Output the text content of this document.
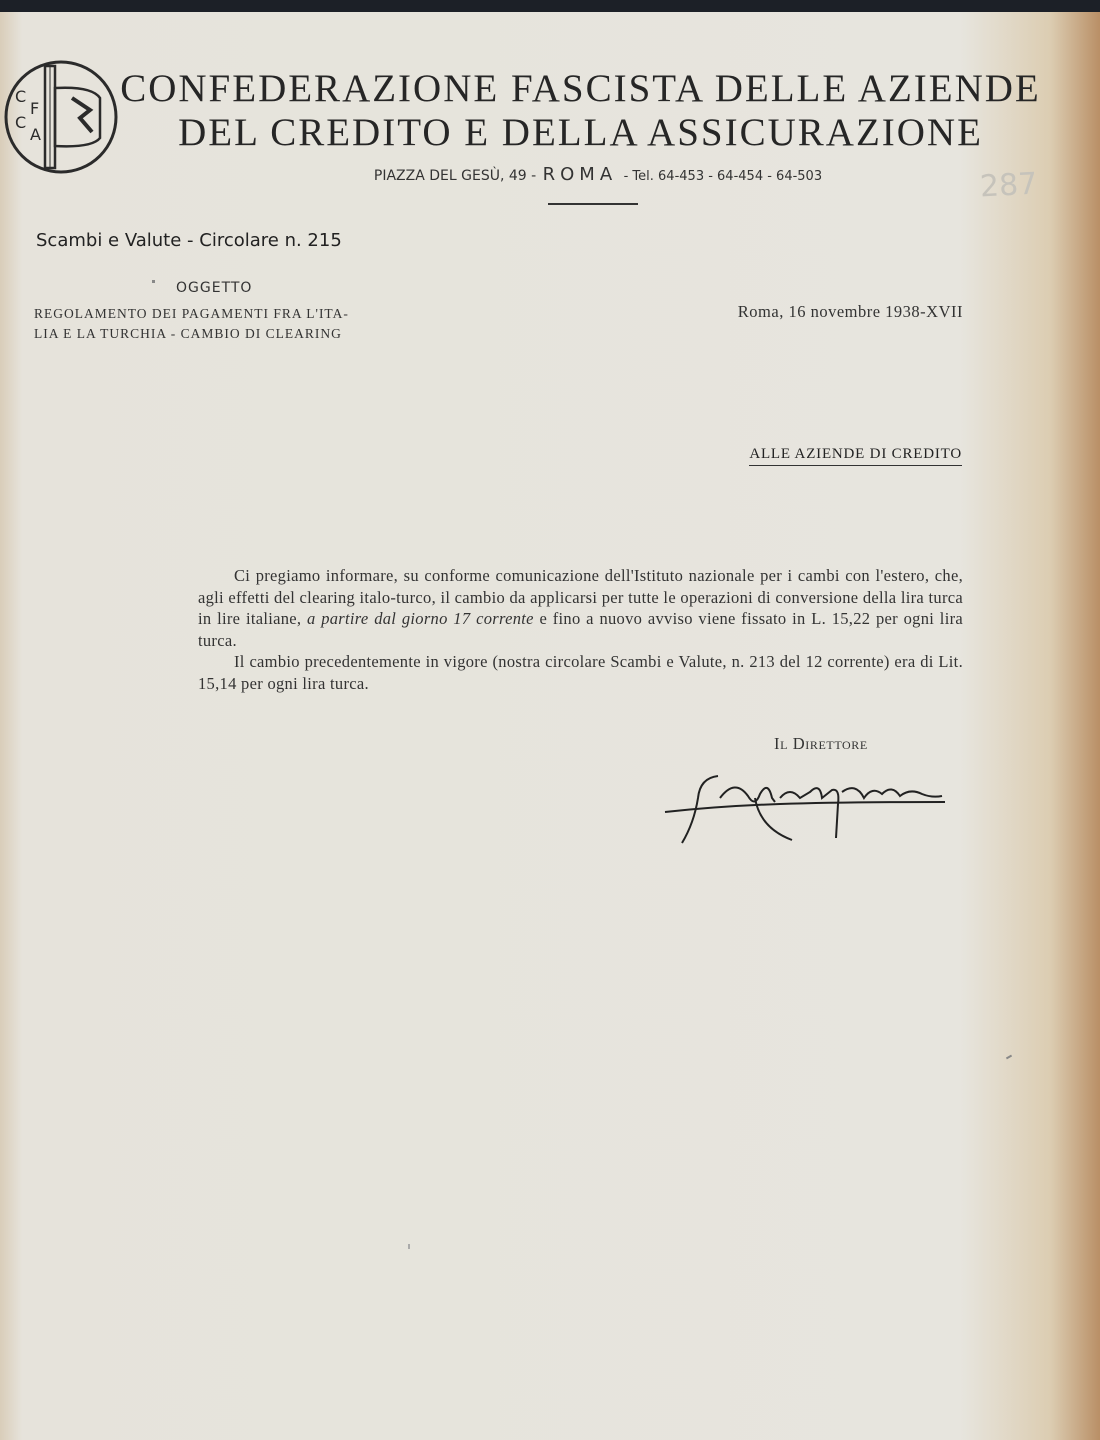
C
F
C
A
CONFEDERAZIONE FASCISTA DELLE AZIENDE
DEL CREDITO E DELLA ASSICURAZIONE
PIAZZA DEL GESÙ, 49 - ROMA - Tel. 64-453 - 64-454 - 64-503	287
Scambi e Valute - Circolare n. 215
OGGETTO
REGOLAMENTO DEI PAGAMENTI FRA L'ITA-
LIA E LA TURCHIA - CAMBIO DI CLEARING
Roma, 16 novembre 1938-XVII
ALLE AZIENDE DI CREDITO

Ci pregiamo informare, su conforme comunicazione dell'Istituto nazionale per i cambi con l'estero, che, agli effetti del clearing italo-turco, il cambio da applicarsi per tutte le operazioni di conversione della lira turca in lire italiane, a partire dal giorno 17 corrente e fino a nuovo avviso viene fissato in L. 15,22 per ogni lira turca.

Il cambio precedentemente in vigore (nostra circolare Scambi e Valute, n. 213 del 12 corrente) era di Lit. 15,14 per ogni lira turca.

Il Direttore
